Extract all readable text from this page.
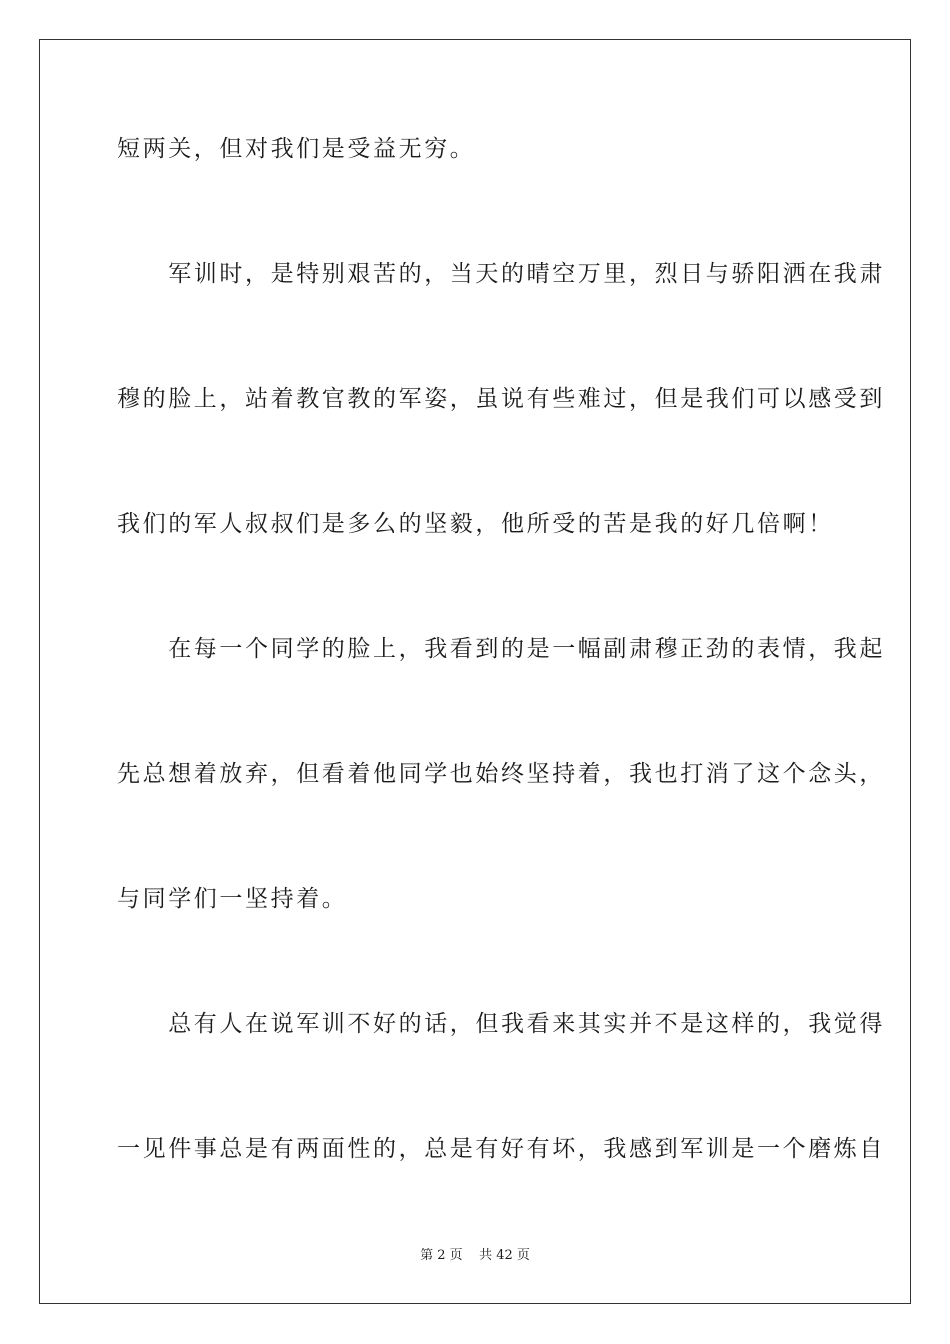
短两关，但对我们是受益无穷。
　　军训时，是特别艰苦的，当天的晴空万里，烈日与骄阳洒在我肃
穆的脸上，站着教官教的军姿，虽说有些难过，但是我们可以感受到
我们的军人叔叔们是多么的坚毅，他所受的苦是我的好几倍啊！
　　在每一个同学的脸上，我看到的是一幅副肃穆正劲的表情，我起
先总想着放弃，但看着他同学也始终坚持着，我也打消了这个念头，
与同学们一坚持着。
　　总有人在说军训不好的话，但我看来其实并不是这样的，我觉得
一见件事总是有两面性的，总是有好有坏，我感到军训是一个磨炼自
第 2 页    共 42 页
